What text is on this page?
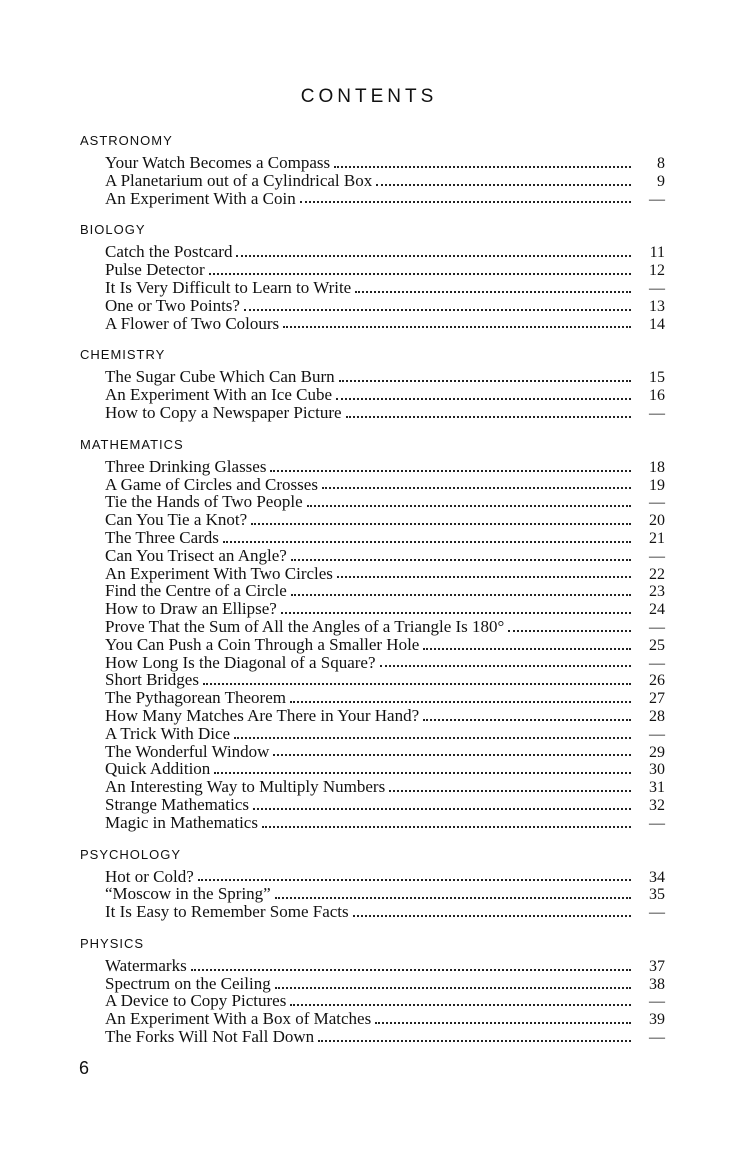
CONTENTS
ASTRONOMY
Your Watch Becomes a Compass	8
A Planetarium out of a Cylindrical Box	9
An Experiment With a Coin	—
BIOLOGY
Catch the Postcard	11
Pulse Detector	12
It Is Very Difficult to Learn to Write	—
One or Two Points?	13
A Flower of Two Colours	14
CHEMISTRY
The Sugar Cube Which Can Burn	15
An Experiment With an Ice Cube	16
How to Copy a Newspaper Picture	—
MATHEMATICS
Three Drinking Glasses	18
A Game of Circles and Crosses	19
Tie the Hands of Two People	—
Can You Tie a Knot?	20
The Three Cards	21
Can You Trisect an Angle?	—
An Experiment With Two Circles	22
Find the Centre of a Circle	23
How to Draw an Ellipse?	24
Prove That the Sum of All the Angles of a Triangle Is 180°	—
You Can Push a Coin Through a Smaller Hole	25
How Long Is the Diagonal of a Square?	—
Short Bridges	26
The Pythagorean Theorem	27
How Many Matches Are There in Your Hand?	28
A Trick With Dice	—
The Wonderful Window	29
Quick Addition	30
An Interesting Way to Multiply Numbers	31
Strange Mathematics	32
Magic in Mathematics	—
PSYCHOLOGY
Hot or Cold?	34
“Moscow in the Spring”	35
It Is Easy to Remember Some Facts	—
PHYSICS
Watermarks	37
Spectrum on the Ceiling	38
A Device to Copy Pictures	—
An Experiment With a Box of Matches	39
The Forks Will Not Fall Down	—
6
